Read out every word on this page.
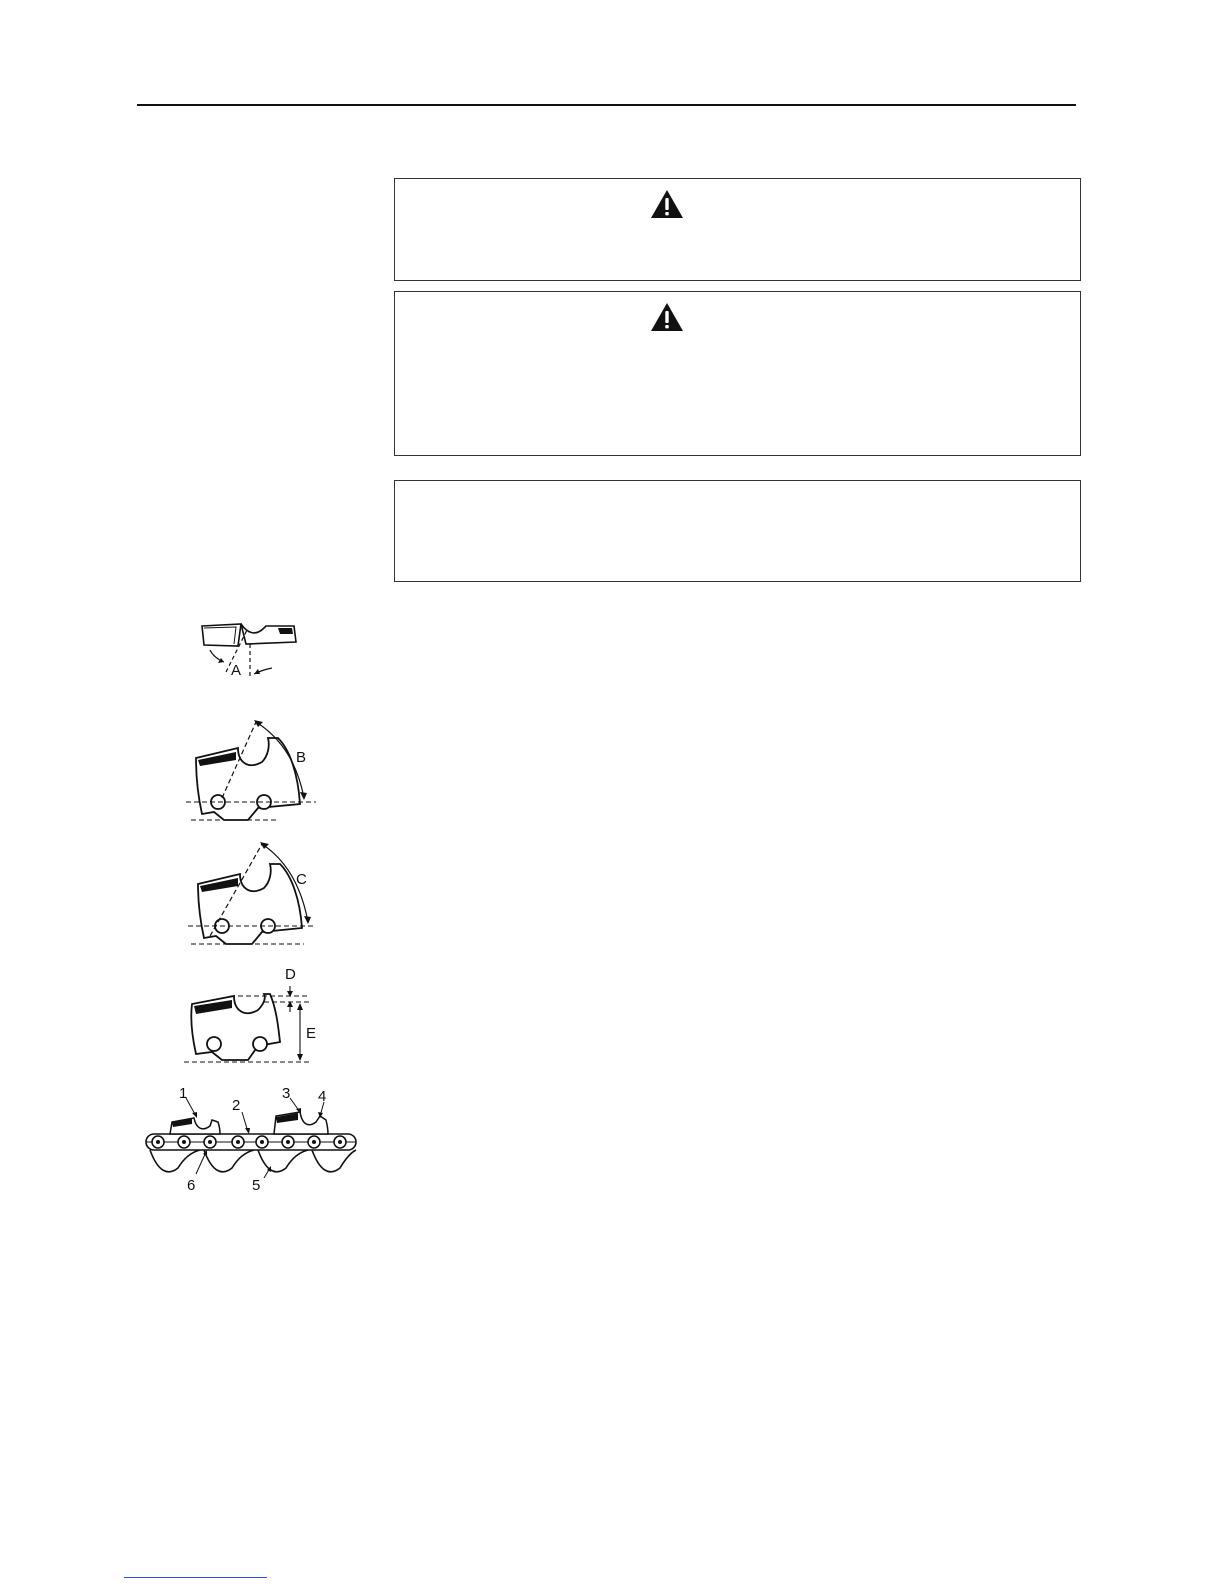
A
B
C
D
E
1
2
3 4
5
6
